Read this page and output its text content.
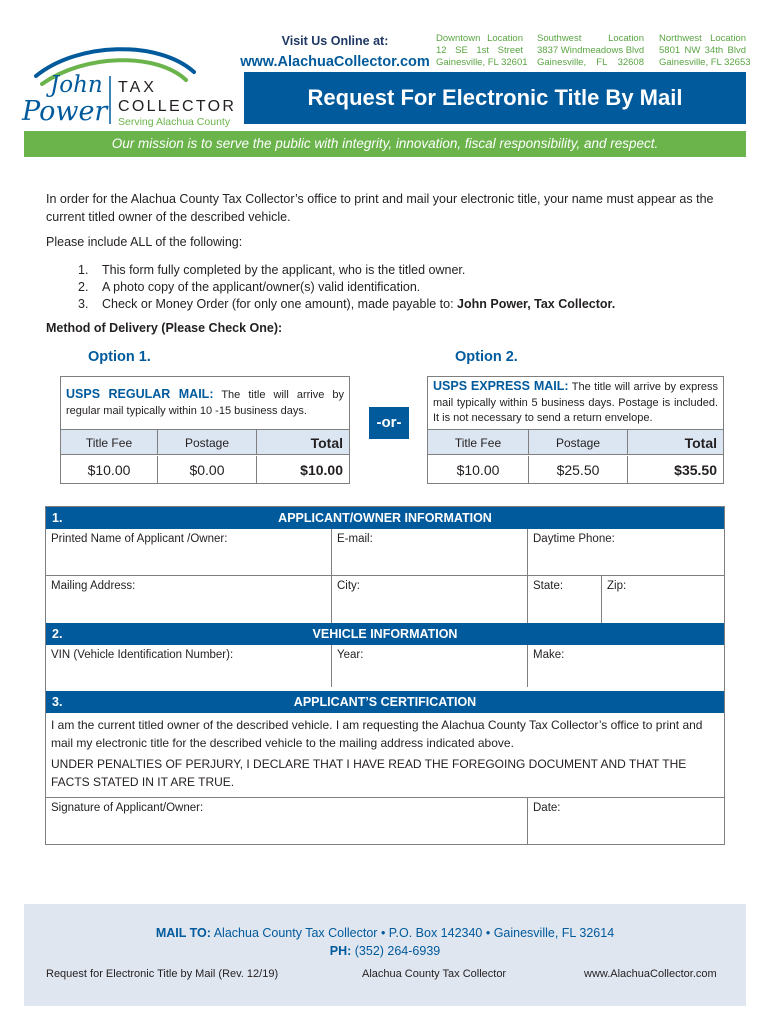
John
Power
TAX
COLLECTOR
Serving Alachua County
Visit Us Online at:
www.AlachuaCollector.com
Downtown Location
12 SE 1st Street
Gainesville, FL 32601
Southwest	Location
3837 Windmeadows Blvd
Gainesville, FL 32608
Northwest Location
5801 NW 34th Blvd
Gainesville, FL 32653
Request For Electronic Title By Mail
Our mission is to serve the public with integrity, innovation, fiscal responsibility, and respect.

In order for the Alachua County Tax Collector’s office to print and mail your electronic title, your name must appear as the current titled owner of the described vehicle.

Please include ALL of the following:

1.	This form fully completed by the applicant, who is the titled owner.
2.	A photo copy of the applicant/owner(s) valid identification.
3.	Check or Money Order (for only one amount), made payable to: John Power, Tax Collector.

Method of Delivery (Please Check One):

Option 1.	Option 2.
USPS REGULAR MAIL: The title will arrive by regular mail typically within 10 -15 business days.
Title Fee	Postage	Total
$10.00	$0.00	$10.00
-or-
USPS EXPRESS MAIL: The title will arrive by express mail typically within 5 business days. Postage is included. It is not necessary to send a return envelope.
Title Fee	Postage	Total
$10.00	$25.50	$35.50
1.	APPLICANT/OWNER INFORMATION
Printed Name of Applicant /Owner:	E-mail:	Daytime Phone:
Mailing Address:	City:	State:	Zip:
2.	VEHICLE INFORMATION
VIN (Vehicle Identification Number):	Year:	Make:
3.	APPLICANT’S CERTIFICATION

I am the current titled owner of the described vehicle. I am requesting the Alachua County Tax Collector’s office to print and mail my electronic title for the described vehicle to the mailing address indicated above.

UNDER PENALTIES OF PERJURY, I DECLARE THAT I HAVE READ THE FOREGOING DOCUMENT AND THAT THE FACTS STATED IN IT ARE TRUE.

Signature of Applicant/Owner:	Date:
MAIL TO: Alachua County Tax Collector • P.O. Box 142340 • Gainesville, FL 32614
PH: (352) 264-6939
Request for Electronic Title by Mail (Rev. 12/19)	Alachua County Tax Collector	www.AlachuaCollector.com
